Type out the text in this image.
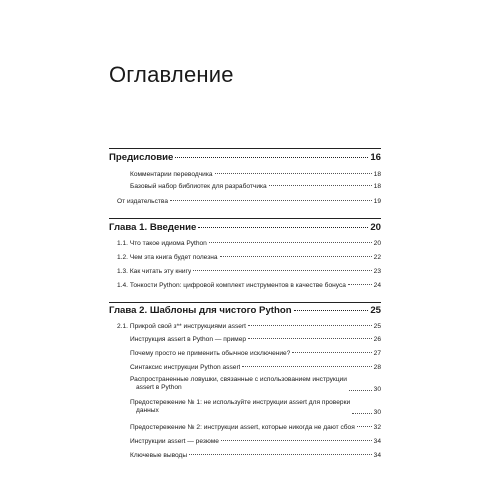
Оглавление
Предисловие	16
Комментарии переводчика	18
Базовый набор библиотек для разработчика	18
От издательства	19
Глава 1. Введение	20
1.1. Что такое идиома Python	20
1.2. Чем эта книга будет полезна	22
1.3. Как читать эту книгу	23
1.4. Тонкости Python: цифровой комплект инструментов в качестве бонуса	24
Глава 2. Шаблоны для чистого Python	25
2.1. Прикрой свой з** инструкциями assert	25
Инструкция assert в Python — пример	26
Почему просто не применить обычное исключение?	27
Синтаксис инструкции Python assert	28
Распространенные ловушки, связанные с использованием инструкции
assert в Python	30
Предостережение № 1: не используйте инструкции assert для проверки
данных	30
Предостережение № 2: инструкции assert, которые никогда не дают сбоя	32
Инструкции assert — резюме	34
Ключевые выводы	34
